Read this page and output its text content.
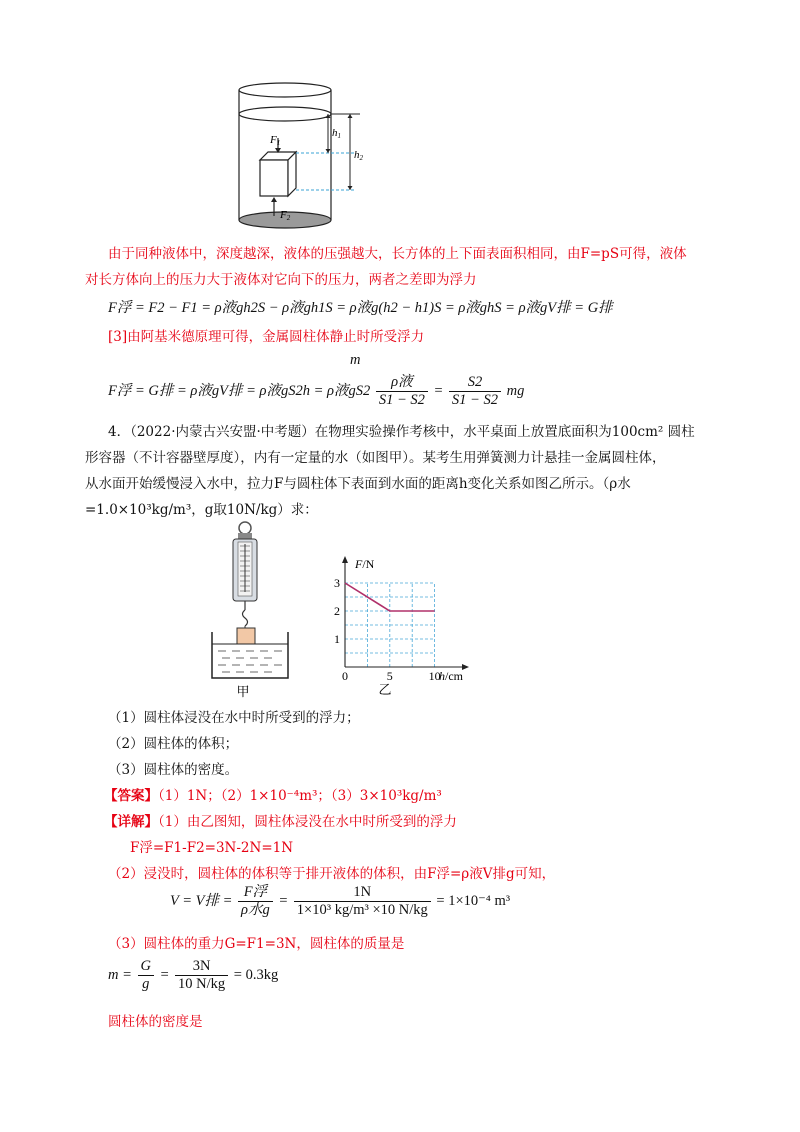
F1
F2
h1
h2
由于同种液体中，深度越深，液体的压强越大，长方体的上下面表面积相同，由F=pS可得，液体
对长方体向上的压力大于液体对它向下的压力，两者之差即为浮力
F浮 = F2 − F1 = ρ液gh2S − ρ液gh1S = ρ液g(h2 − h1)S = ρ液ghS = ρ液gV排 = G排
[3]由阿基米德原理可得，金属圆柱体静止时所受浮力
m
F浮 = G排 = ρ液gV排 = ρ液gS2h = ρ液$gS2 \frac{\text{ρ液}}{S1 - S2} = \frac{S2}{S1 - S2}$ mg
4．（2022·内蒙古兴安盟·中考题）在物理实验操作考核中，水平桌面上放置底面积为100cm² 圆柱
形容器（不计容器壁厚度），内有一定量的水（如图甲）。某考生用弹簧测力计悬挂一金属圆柱体，
从水面开始缓慢浸入水中，拉力F与圆柱体下表面到水面的距离h变化关系如图乙所示。（ρ水
=1.0×10³kg/m³，g取10N/kg）求：
甲
0	5	10
1
2
3
F/N
h/cm
乙
（1）圆柱体浸没在水中时所受到的浮力；
（2）圆柱体的体积；
（3）圆柱体的密度。
【答案】（1）1N；（2）1×10⁻⁴m³；（3）3×10³kg/m³
【详解】（1）由乙图知，圆柱体浸没在水中时所受到的浮力
F浮=F1-F2=3N-2N=1N
（2）浸没时，圆柱体的体积等于排开液体的体积，由F浮=ρ液V排g可知，
V = V排 = $\frac{\text{F浮}}{\text{ρ水g}} = \frac{1N}{\text{1×10³ kg/m³ ×10 N/kg}} = 1\times 10^{-4}$ m³
（3）圆柱体的重力G=F1=3N，圆柱体的质量是
$m = \frac{G}{g} = \frac{3N}{10 N/kg} = 0.3kg$
圆柱体的密度是
